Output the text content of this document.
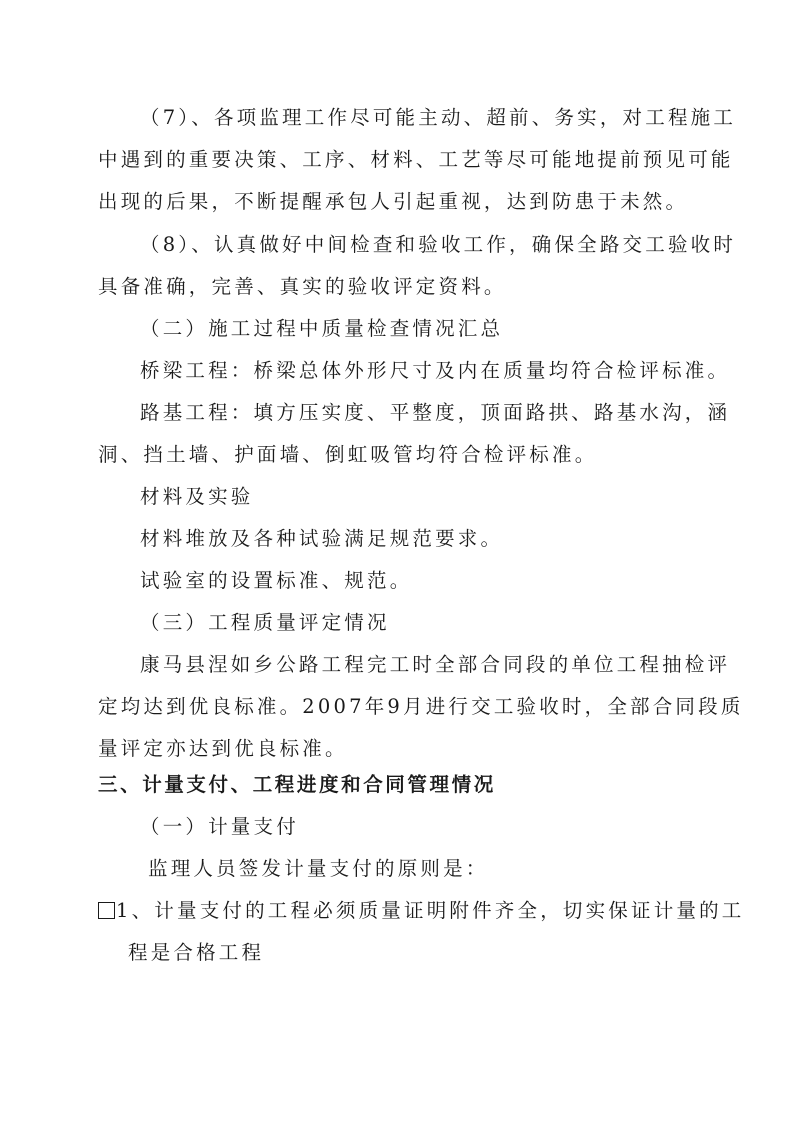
（7）、各项监理工作尽可能主动、超前、务实，对工程施工
中遇到的重要决策、工序、材料、工艺等尽可能地提前预见可能
出现的后果，不断提醒承包人引起重视，达到防患于未然。
（8）、认真做好中间检查和验收工作，确保全路交工验收时
具备准确，完善、真实的验收评定资料。
（二）施工过程中质量检查情况汇总
桥梁工程：桥梁总体外形尺寸及内在质量均符合检评标准。
路基工程：填方压实度、平整度，顶面路拱、路基水沟，涵
洞、挡土墙、护面墙、倒虹吸管均符合检评标准。
材料及实验
材料堆放及各种试验满足规范要求。
试验室的设置标准、规范。
（三）工程质量评定情况
康马县涅如乡公路工程完工时全部合同段的单位工程抽检评
定均达到优良标准。2007年9月进行交工验收时，全部合同段质
量评定亦达到优良标准。
三、计量支付、工程进度和合同管理情况
（一）计量支付
监理人员签发计量支付的原则是：
1、计量支付的工程必须质量证明附件齐全，切实保证计量的工
程是合格工程
